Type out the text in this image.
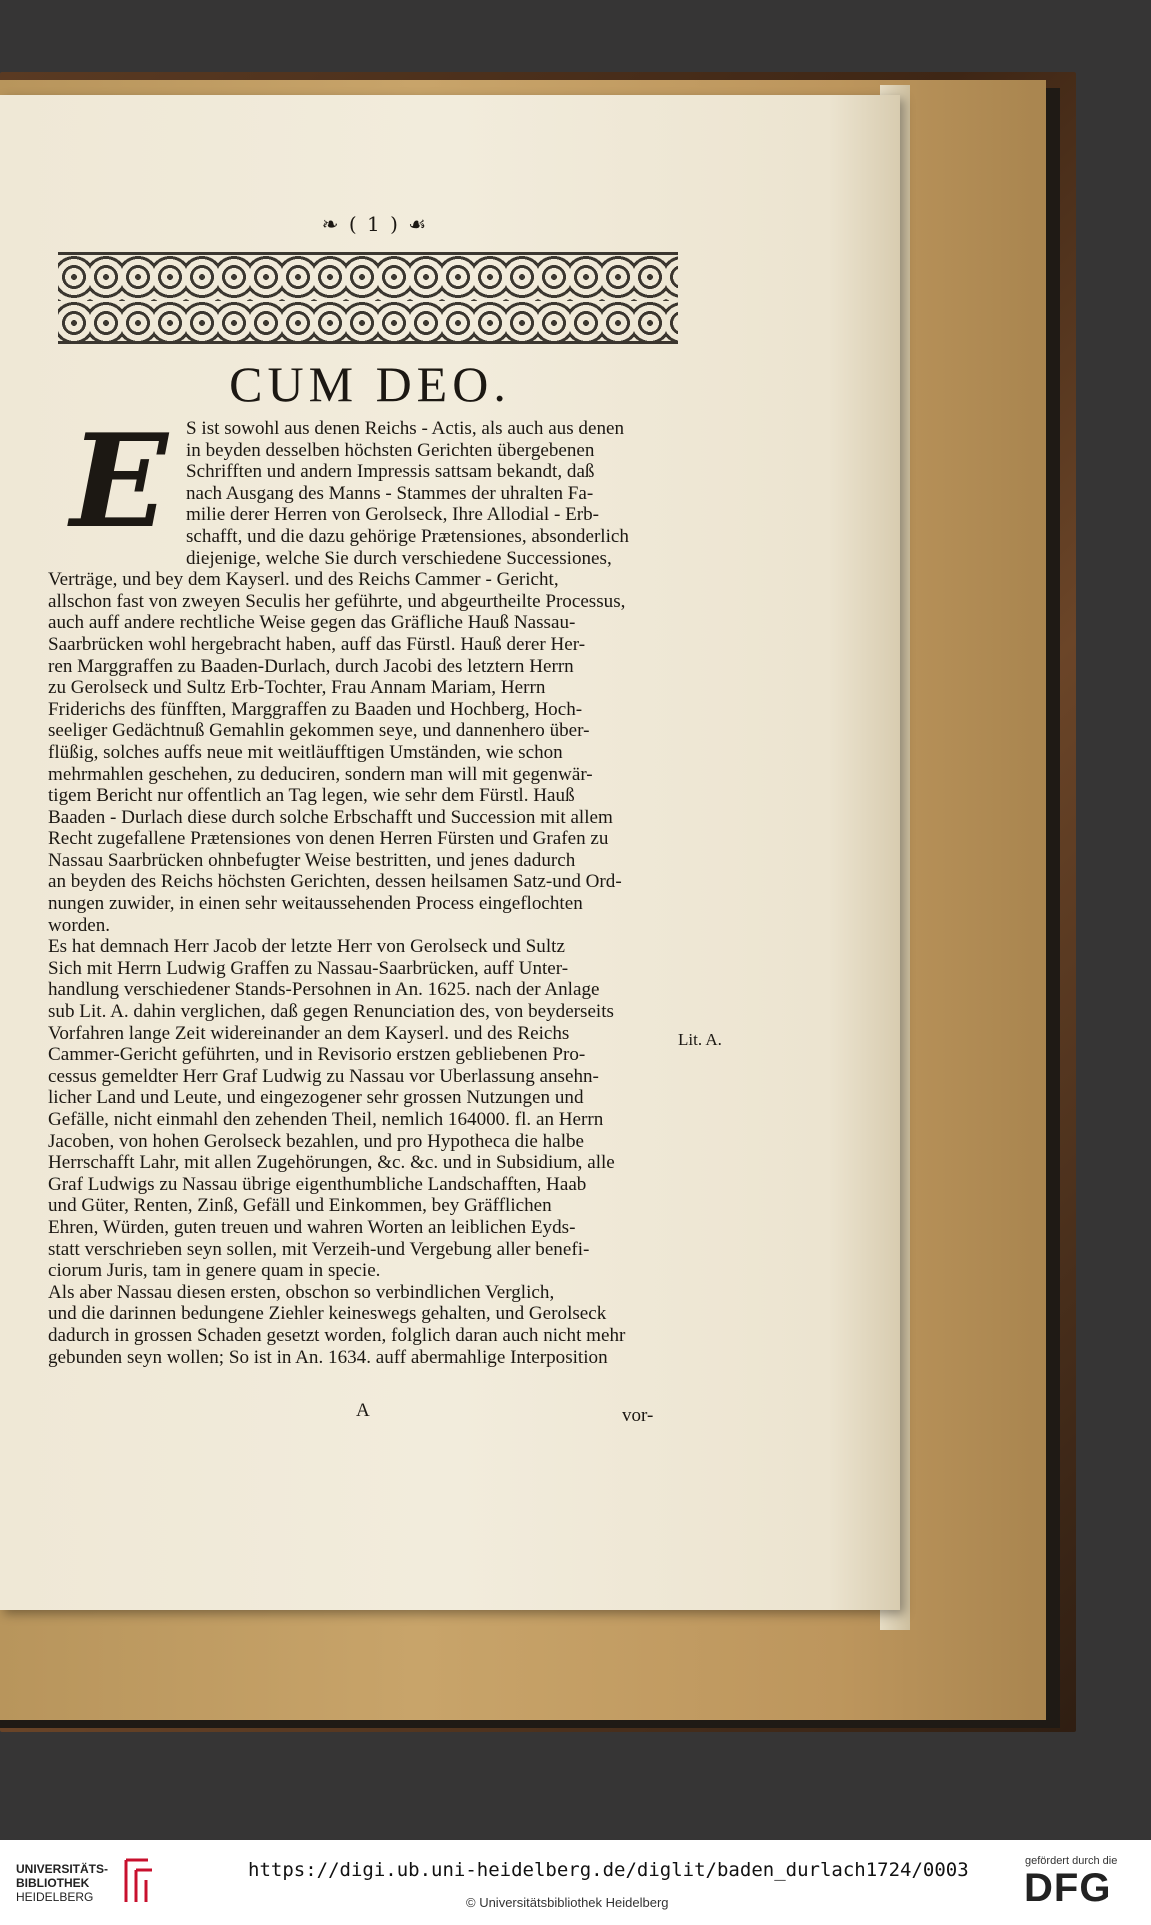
❧ ( 1 ) ☙
CUM DEO.
E S ist sowohl aus denen Reichs - Actis, als auch aus denen
in beyden desselben höchsten Gerichten übergebenen
Schrifften und andern Impressis sattsam bekandt, daß
nach Ausgang des Manns - Stammes der uhralten Fa-
milie derer Herren von Gerolseck, Ihre Allodial - Erb-
schafft, und die dazu gehörige Prætensiones, absonderlich
diejenige, welche Sie durch verschiedene Successiones,
Verträge, und bey dem Kayserl. und des Reichs Cammer - Gericht,
allschon fast von zweyen Seculis her geführte, und abgeurtheilte Processus,
auch auff andere rechtliche Weise gegen das Gräfliche Hauß Nassau-
Saarbrücken wohl hergebracht haben, auff das Fürstl. Hauß derer Her-
ren Marggraffen zu Baaden-Durlach, durch Jacobi des letztern Herrn
zu Gerolseck und Sultz Erb-Tochter, Frau Annam Mariam, Herrn
Friderichs des fünfften, Marggraffen zu Baaden und Hochberg, Hoch-
seeliger Gedächtnuß Gemahlin gekommen seye, und dannenhero über-
flüßig, solches auffs neue mit weitläufftigen Umständen, wie schon
mehrmahlen geschehen, zu deduciren, sondern man will mit gegenwär-
tigem Bericht nur offentlich an Tag legen, wie sehr dem Fürstl. Hauß
Baaden - Durlach diese durch solche Erbschafft und Succession mit allem
Recht zugefallene Prætensiones von denen Herren Fürsten und Grafen zu
Nassau Saarbrücken ohnbefugter Weise bestritten, und jenes dadurch
an beyden des Reichs höchsten Gerichten, dessen heilsamen Satz-und Ord-
nungen zuwider, in einen sehr weitaussehenden Process eingeflochten
worden.
Es hat demnach Herr Jacob der letzte Herr von Gerolseck und Sultz
Sich mit Herrn Ludwig Graffen zu Nassau-Saarbrücken, auff Unter-
handlung verschiedener Stands-Persohnen in An. 1625. nach der Anlage
sub Lit. A. dahin verglichen, daß gegen Renunciation des, von beyderseits
Vorfahren lange Zeit widereinander an dem Kayserl. und des Reichs
Cammer-Gericht geführten, und in Revisorio erstzen gebliebenen Pro-
cessus gemeldter Herr Graf Ludwig zu Nassau vor Uberlassung ansehn-
licher Land und Leute, und eingezogener sehr grossen Nutzungen und
Gefälle, nicht einmahl den zehenden Theil, nemlich 164000. fl. an Herrn
Jacoben, von hohen Gerolseck bezahlen, und pro Hypotheca die halbe
Herrschafft Lahr, mit allen Zugehörungen, &c. &c. und in Subsidium, alle
Graf Ludwigs zu Nassau übrige eigenthumbliche Landschafften, Haab
und Güter, Renten, Zinß, Gefäll und Einkommen, bey Gräfflichen
Ehren, Würden, guten treuen und wahren Worten an leiblichen Eyds-
statt verschrieben seyn sollen, mit Verzeih-und Vergebung aller benefi-
ciorum Juris, tam in genere quam in specie.
Als aber Nassau diesen ersten, obschon so verbindlichen Verglich,
und die darinnen bedungene Ziehler keineswegs gehalten, und Gerolseck
dadurch in grossen Schaden gesetzt worden, folglich daran auch nicht mehr
gebunden seyn wollen; So ist in An. 1634. auff abermahlige Interposition
Lit. A.
A	vor-
UNIVERSITÄTS-
BIBLIOTHEK
HEIDELBERG
https://digi.ub.uni-heidelberg.de/diglit/baden_durlach1724/0003
© Universitätsbibliothek Heidelberg
gefördert durch die
DFG
